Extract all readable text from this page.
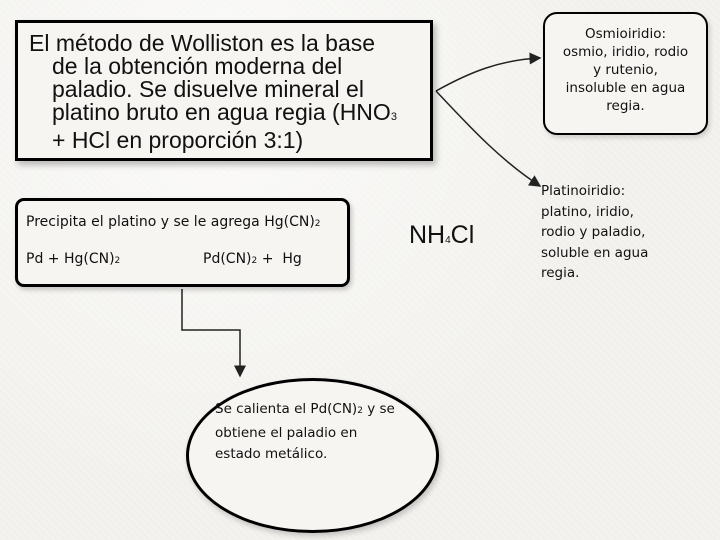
El método de Wolliston es la base
de la obtención moderna del
paladio. Se disuelve mineral el
platino bruto en agua regia (HNO3
+ HCl en proporción 3:1)
Precipita el platino y se le agrega Hg(CN)2
Pd + Hg(CN)2	Pd(CN)2 +  Hg
NH4Cl
Osmioiridio:
osmio, iridio, rodio
y rutenio,
insoluble en agua
regia.
Platinoiridio:
platino, iridio,
rodio y paladio,
soluble en agua
regia.
Se calienta el Pd(CN)2 y se
obtiene el paladio en
estado metálico.
